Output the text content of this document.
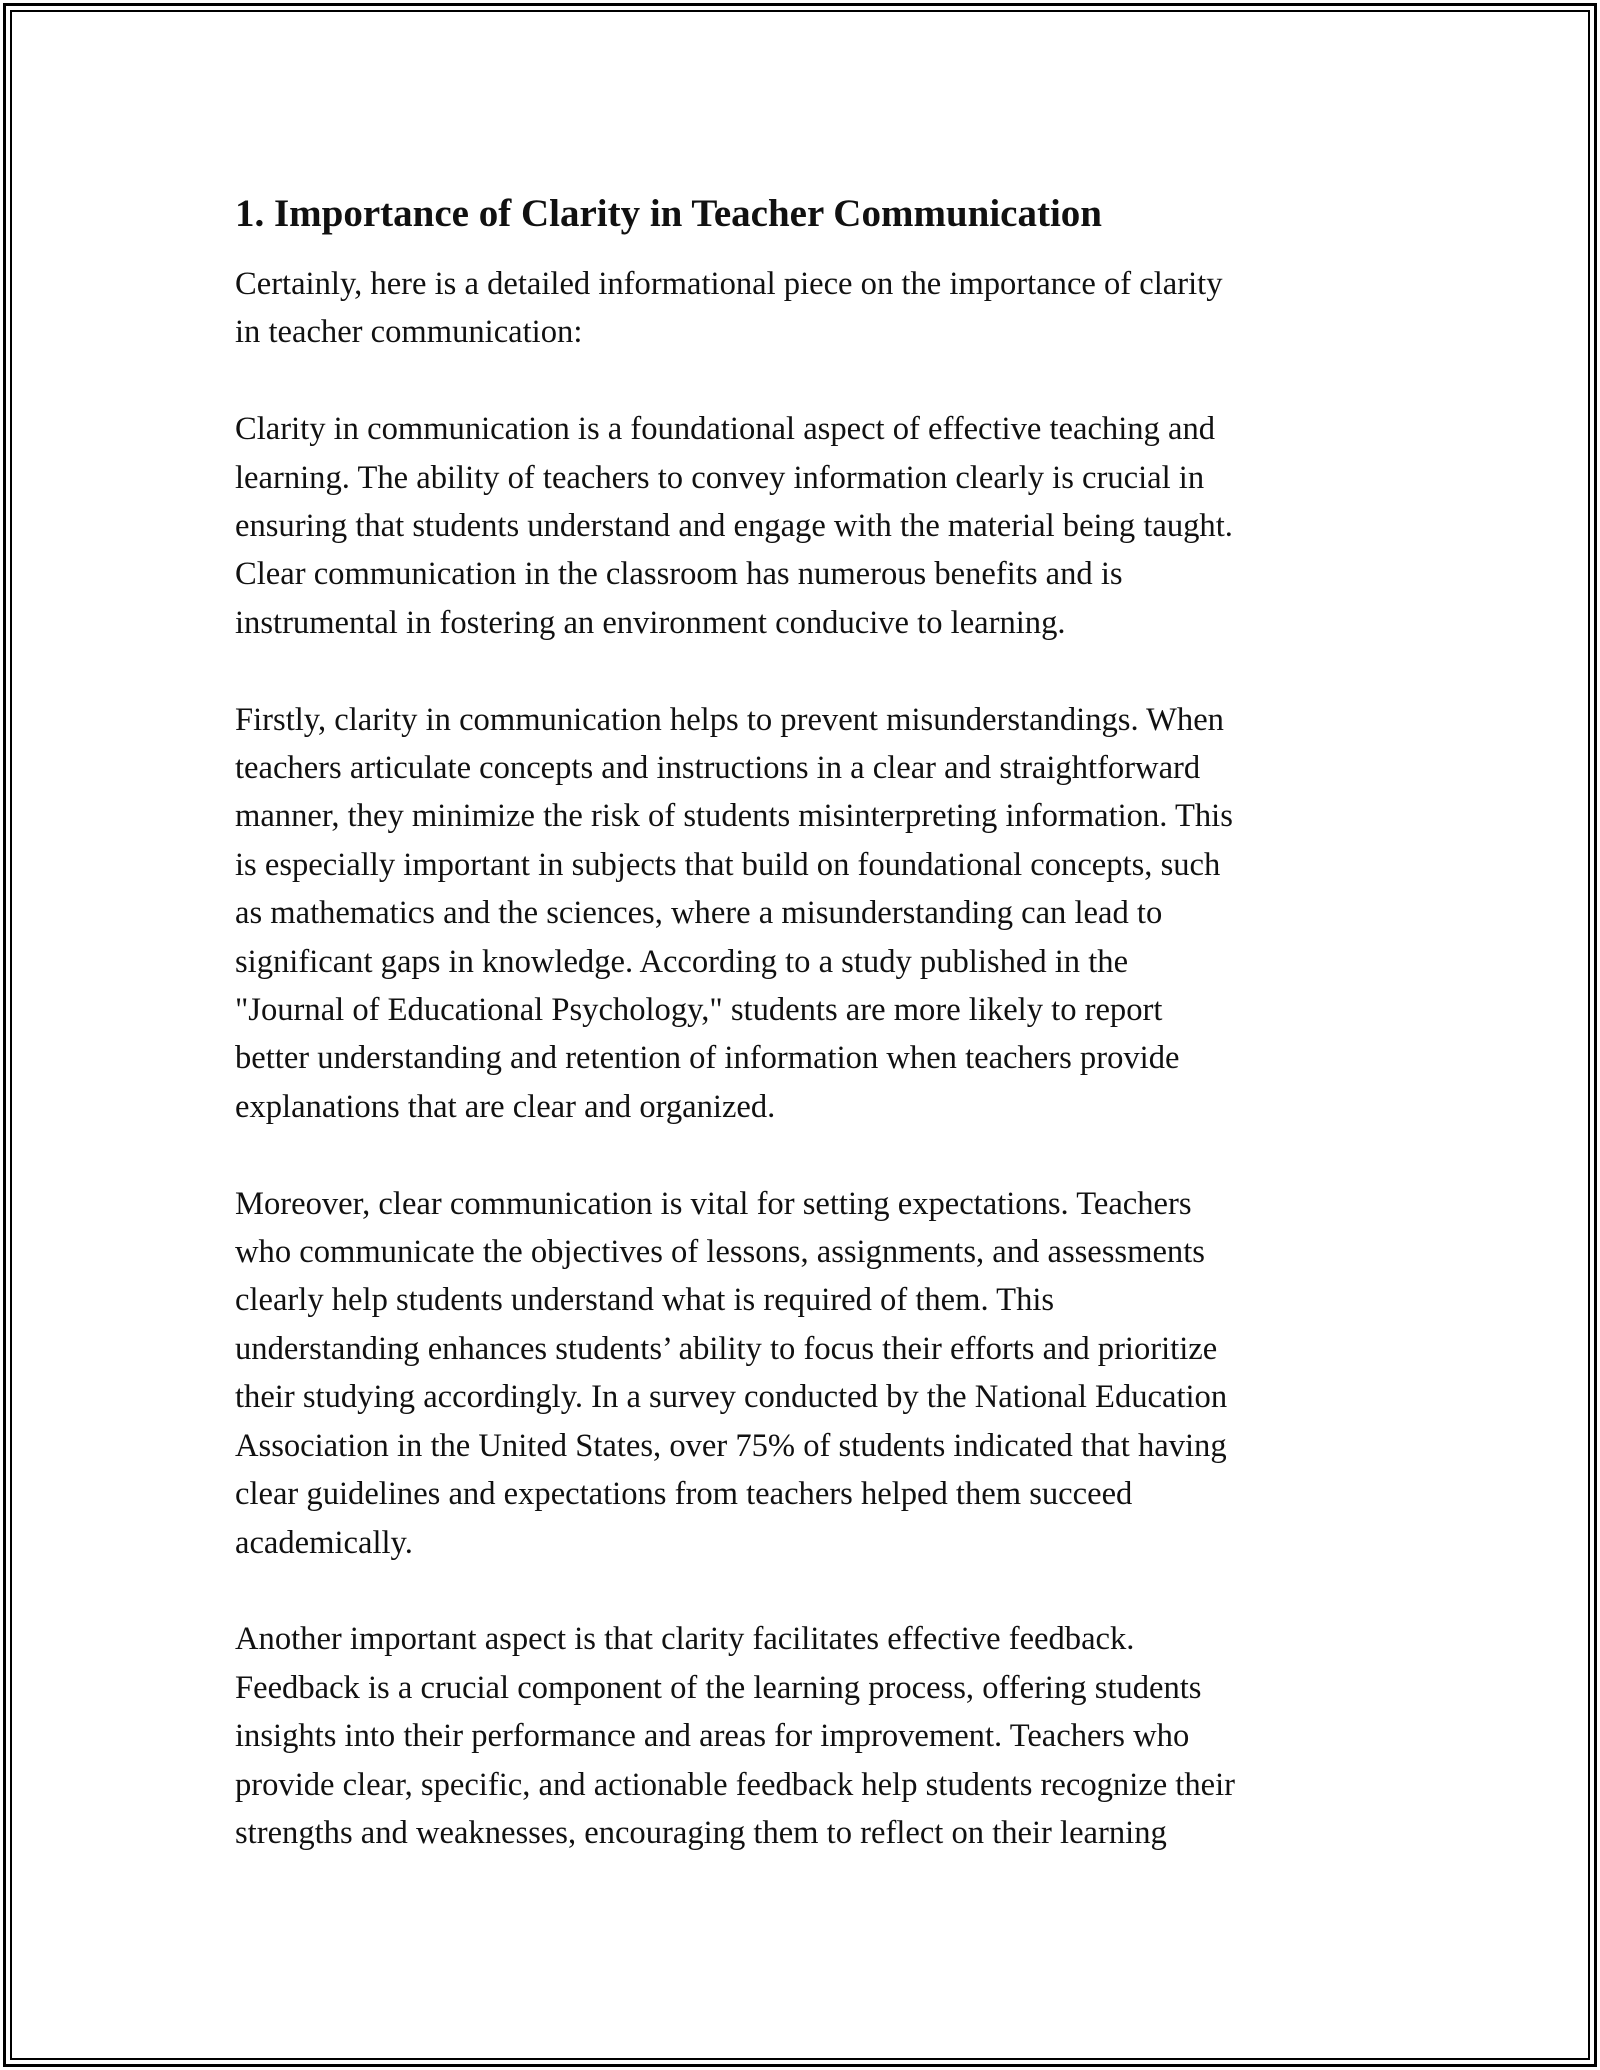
1. Importance of Clarity in Teacher Communication

Certainly, here is a detailed informational piece on the importance of clarity
in teacher communication:

Clarity in communication is a foundational aspect of effective teaching and
learning. The ability of teachers to convey information clearly is crucial in
ensuring that students understand and engage with the material being taught.
Clear communication in the classroom has numerous benefits and is
instrumental in fostering an environment conducive to learning.

Firstly, clarity in communication helps to prevent misunderstandings. When
teachers articulate concepts and instructions in a clear and straightforward
manner, they minimize the risk of students misinterpreting information. This
is especially important in subjects that build on foundational concepts, such
as mathematics and the sciences, where a misunderstanding can lead to
significant gaps in knowledge. According to a study published in the
"Journal of Educational Psychology," students are more likely to report
better understanding and retention of information when teachers provide
explanations that are clear and organized.

Moreover, clear communication is vital for setting expectations. Teachers
who communicate the objectives of lessons, assignments, and assessments
clearly help students understand what is required of them. This
understanding enhances students’ ability to focus their efforts and prioritize
their studying accordingly. In a survey conducted by the National Education
Association in the United States, over 75% of students indicated that having
clear guidelines and expectations from teachers helped them succeed
academically.

Another important aspect is that clarity facilitates effective feedback.
Feedback is a crucial component of the learning process, offering students
insights into their performance and areas for improvement. Teachers who
provide clear, specific, and actionable feedback help students recognize their
strengths and weaknesses, encouraging them to reflect on their learning
